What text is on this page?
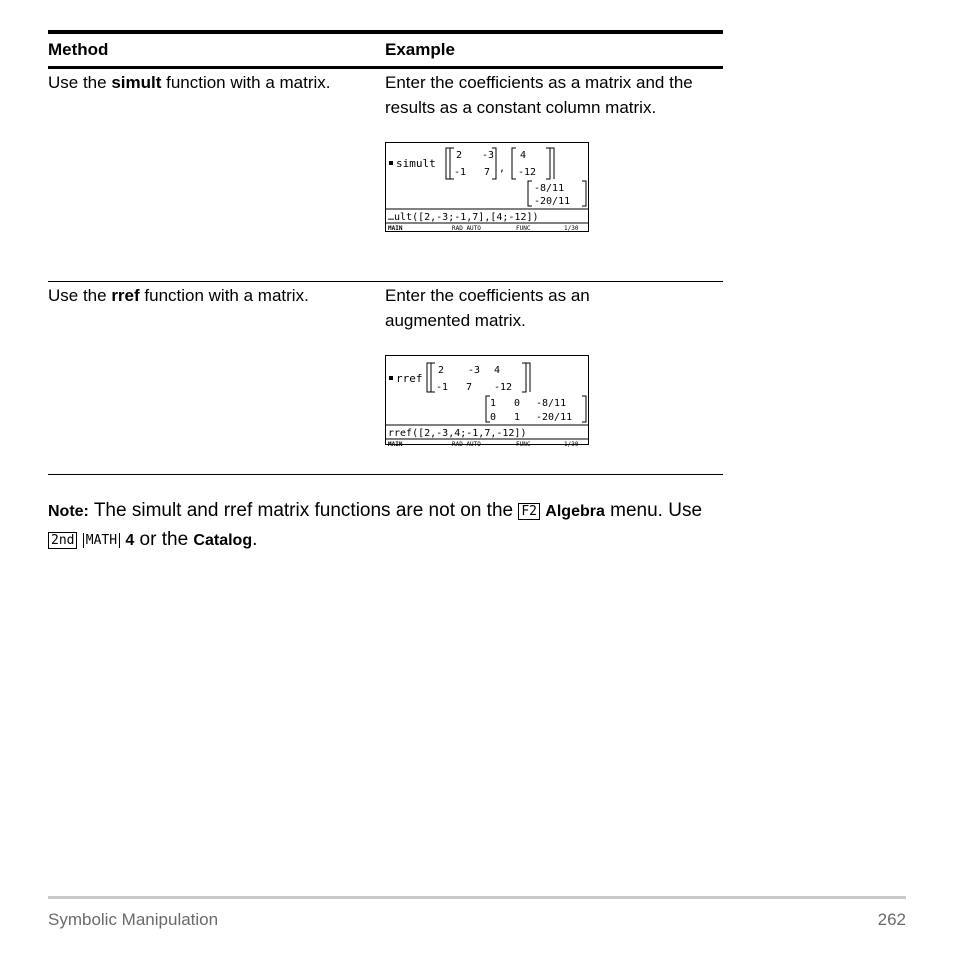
Method	Example
Use the simult function with a matrix.	Enter the coefficients as a matrix and the results as a constant column matrix.
simult
2 -3
-1 7 ,
4
-12
-8/11
-20/11
…ult([2,-3;-1,7],[4;-12])
MAIN	RAD AUTO	FUNC	1/30
Use the rref function with a matrix.	Enter the coefficients as an augmented matrix.
rref
2 -3 4
-1 7 -12
1 0 -8/11
0 1 -20/11
rref([2,-3,4;-1,7,-12])
MAIN	RAD AUTO	FUNC	1/30
Note: The simult and rref matrix functions are not on the F2 Algebra menu. Use
2nd MATH 4 or the Catalog.
Symbolic Manipulation	262
